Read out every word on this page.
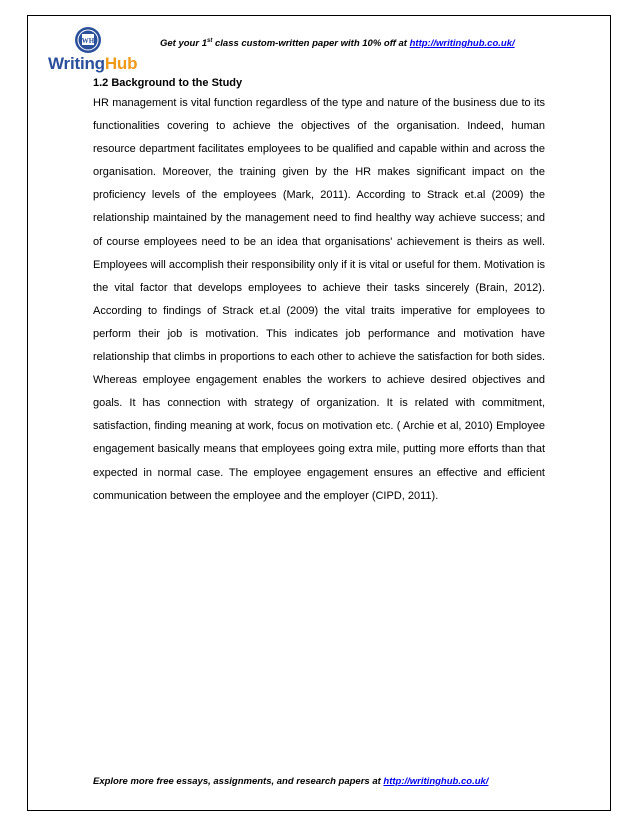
WH
WritingHub
Get your 1st class custom-written paper with 10% off at http://writinghub.co.uk/
1.2 Background to the Study
HR management is vital function regardless of the type and nature of the business due to its functionalities covering to achieve the objectives of the organisation. Indeed, human resource department facilitates employees to be qualified and capable within and across the organisation. Moreover, the training given by the HR makes significant impact on the proficiency levels of the employees (Mark, 2011). According to Strack et.al (2009) the relationship maintained by the management need to find healthy way achieve success; and of course employees need to be an idea that organisations' achievement is theirs as well. Employees will accomplish their responsibility only if it is vital or useful for them. Motivation is the vital factor that develops employees to achieve their tasks sincerely (Brain, 2012). According to findings of Strack et.al (2009) the vital traits imperative for employees to perform their job is motivation. This indicates job performance and motivation have relationship that climbs in proportions to each other to achieve the satisfaction for both sides. Whereas employee engagement enables the workers to achieve desired objectives and goals. It has connection with strategy of organization. It is related with commitment, satisfaction, finding meaning at work, focus on motivation etc. ( Archie et al, 2010) Employee engagement basically means that employees going extra mile, putting more efforts than that expected in normal case. The employee engagement ensures an effective and efficient communication between the employee and the employer (CIPD, 2011).
Explore more free essays, assignments, and research papers at http://writinghub.co.uk/
